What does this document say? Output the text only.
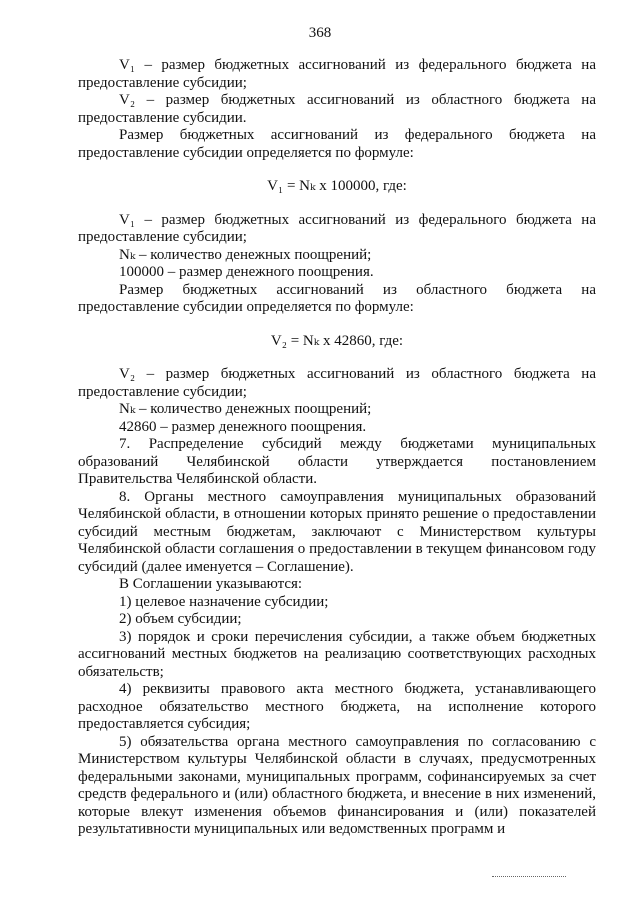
368

V₁ – размер бюджетных ассигнований из федерального бюджета на предоставление субсидии;

V₂ – размер бюджетных ассигнований из областного бюджета на предоставление субсидии.

Размер бюджетных ассигнований из федерального бюджета на предоставление субсидии определяется по формуле:

V₁ = Nₖ x 100000, где:

V₁ – размер бюджетных ассигнований из федерального бюджета на предоставление субсидии;

Nₖ – количество денежных поощрений;

100000 – размер денежного поощрения.

Размер бюджетных ассигнований из областного бюджета на предоставление субсидии определяется по формуле:

V₂ = Nₖ x 42860, где:

V₂ – размер бюджетных ассигнований из областного бюджета на предоставление субсидии;

Nₖ – количество денежных поощрений;

42860 – размер денежного поощрения.

7. Распределение субсидий между бюджетами муниципальных образований Челябинской области утверждается постановлением Правительства Челябинской области.

8. Органы местного самоуправления муниципальных образований Челябинской области, в отношении которых принято решение о предоставлении субсидий местным бюджетам, заключают с Министерством культуры Челябинской области соглашения о предоставлении в текущем финансовом году субсидий (далее именуется – Соглашение).

В Соглашении указываются:

1) целевое назначение субсидии;

2) объем субсидии;

3) порядок и сроки перечисления субсидии, а также объем бюджетных ассигнований местных бюджетов на реализацию соответствующих расходных обязательств;

4) реквизиты правового акта местного бюджета, устанавливающего расходное обязательство местного бюджета, на исполнение которого предоставляется субсидия;

5) обязательства органа местного самоуправления по согласованию с Министерством культуры Челябинской области в случаях, предусмотренных федеральными законами, муниципальных программ, софинансируемых за счет средств федерального и (или) областного бюджета, и внесение в них изменений, которые влекут изменения объемов финансирования и (или) показателей результативности муниципальных или ведомственных программ и
